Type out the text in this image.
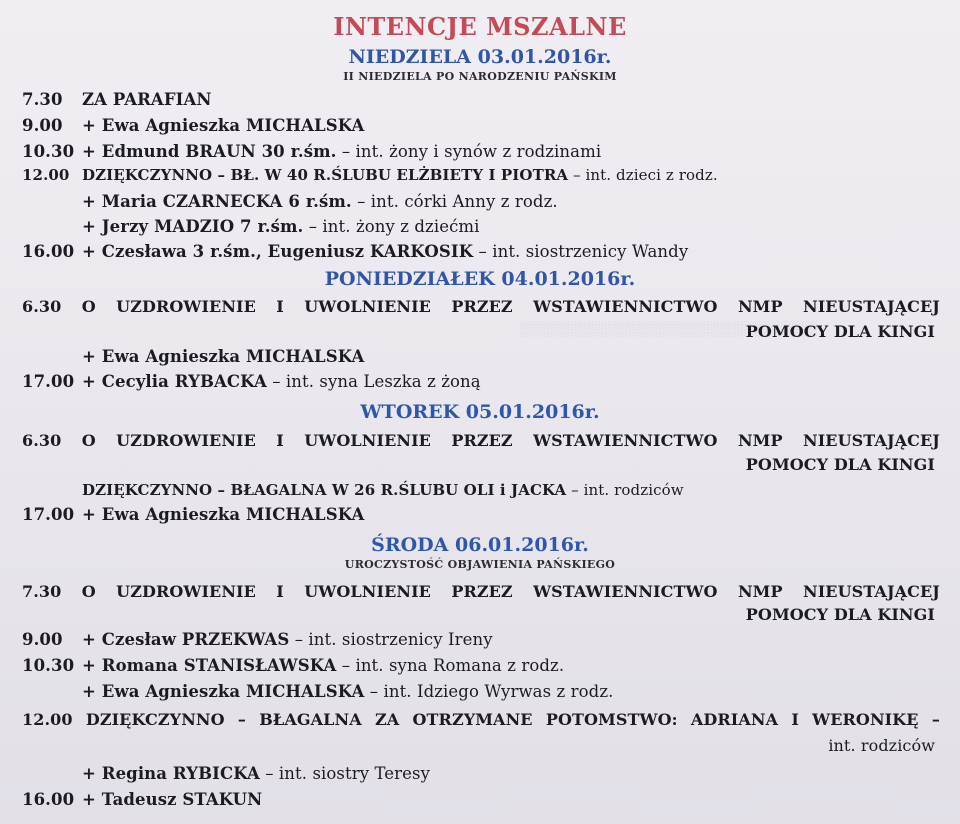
░░░░░░░░░░░░░░░░░░░░░░░░░░░░░░
INTENCJE MSZALNE
NIEDZIELA 03.01.2016r.
II NIEDZIELA PO NARODZENIU PAŃSKIM
7.30 ZA PARAFIAN
9.00 + Ewa Agnieszka MICHALSKA
10.30 + Edmund BRAUN 30 r.śm. – int. żony i synów z rodzinami
12.00 DZIĘKCZYNNO – BŁ. W 40 R.ŚLUBU ELŻBIETY I PIOTRA – int. dzieci z rodz.
+ Maria CZARNECKA 6 r.śm. – int. córki Anny z rodz.
+ Jerzy MADZIO 7 r.śm. – int. żony z dziećmi
16.00 + Czesława 3 r.śm., Eugeniusz KARKOSIK – int. siostrzenicy Wandy
PONIEDZIAŁEK 04.01.2016r.
6.30 O UZDROWIENIE I UWOLNIENIE PRZEZ WSTAWIENNICTWO NMP NIEUSTAJĄCEJ
POMOCY DLA KINGI
+ Ewa Agnieszka MICHALSKA
17.00 + Cecylia RYBACKA – int. syna Leszka z żoną
WTOREK 05.01.2016r.
6.30 O UZDROWIENIE I UWOLNIENIE PRZEZ WSTAWIENNICTWO NMP NIEUSTAJĄCEJ
POMOCY DLA KINGI
DZIĘKCZYNNO – BŁAGALNA W 26 R.ŚLUBU OLI i JACKA – int. rodziców
17.00 + Ewa Agnieszka MICHALSKA
ŚRODA 06.01.2016r.
UROCZYSTOŚĆ OBJAWIENIA PAŃSKIEGO
7.30 O UZDROWIENIE I UWOLNIENIE PRZEZ WSTAWIENNICTWO NMP NIEUSTAJĄCEJ
POMOCY DLA KINGI
9.00 + Czesław PRZEKWAS – int. siostrzenicy Ireny
10.30 + Romana STANISŁAWSKA – int. syna Romana z rodz.
+ Ewa Agnieszka MICHALSKA – int. Idziego Wyrwas z rodz.
12.00 DZIĘKCZYNNO – BŁAGALNA ZA OTRZYMANE POTOMSTWO: ADRIANA I WERONIKĘ –
int. rodziców
+ Regina RYBICKA – int. siostry Teresy
16.00 + Tadeusz STAKUN
